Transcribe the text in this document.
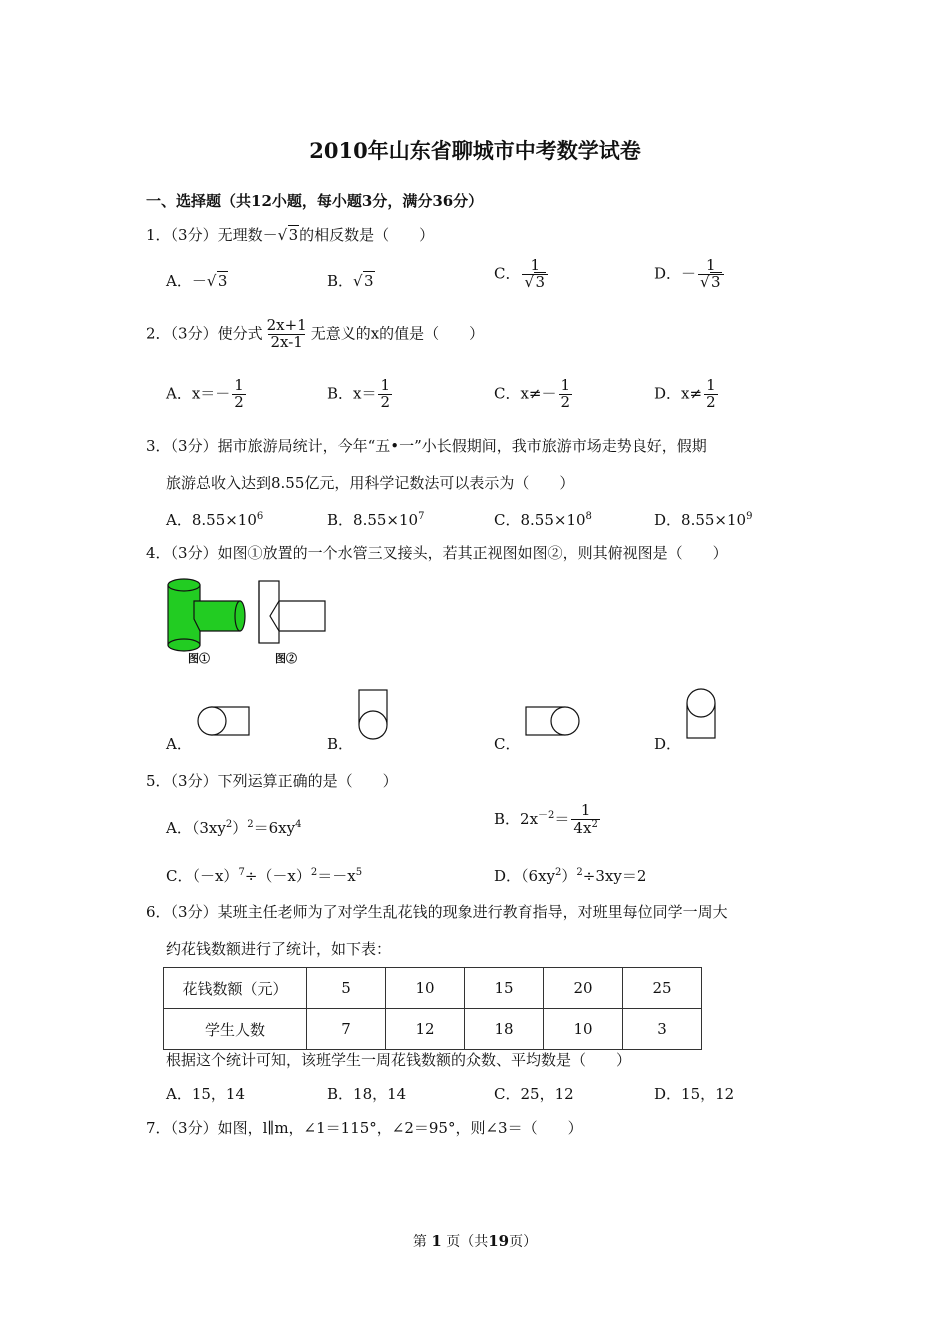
2010年山东省聊城市中考数学试卷
一、选择题（共12小题，每小题3分，满分36分）
1．（3分）无理数－ √ 3的相反数是（　　）
A．－ √ 3	B． √ 3	C． $\frac{1}{√ 3}$	D．－ $\frac{1}{√ 3}$
2．（3分）使分式 $\frac{2x+1}{2x-1}$ 无意义的x的值是（　　）
A．$x=- \frac{1}{2}$	B．$x= \frac{1}{2}$	C．$x\ne- \frac{1}{2}$	D．$x\ne \frac{1}{2}$
3．（3分）据市旅游局统计，今年“五•一”小长假期间，我市旅游市场走势良好，假期
旅游总收入达到8.55亿元，用科学记数法可以表示为（　　）
A．$8.55\times 10^6$	B．$8.55\times 10^7$	C．$8.55\times 10^8$	D．$8.55\times 10^9$
4．（3分）如图①放置的一个水管三叉接头，若其正视图如图②，则其俯视图是（　　）
图①	图②
A．	B．	C．	D．
5．（3分）下列运算正确的是（　　）
A．$(3xy^2)^2=6xy^4$	B．$2x^{-2}= \frac{1}{4x^2}$
C．$(-x)^7\div(-x)^2=-x^5$	D．$(6xy^2)^2\div 3xy=2$
6．（3分）某班主任老师为了对学生乱花钱的现象进行教育指导，对班里每位同学一周大
约花钱数额进行了统计，如下表：
花钱数额（元）	5	10	15	20	25
学生人数	7	12	18	10	3
根据这个统计可知，该班学生一周花钱数额的众数、平均数是（　　）
A．15，14	B．18，14	C．25，12	D．15，12
7．（3分）如图，l∥m，∠1＝115°，∠2＝95°，则∠3＝（　　）
第 1 页（共19页）
